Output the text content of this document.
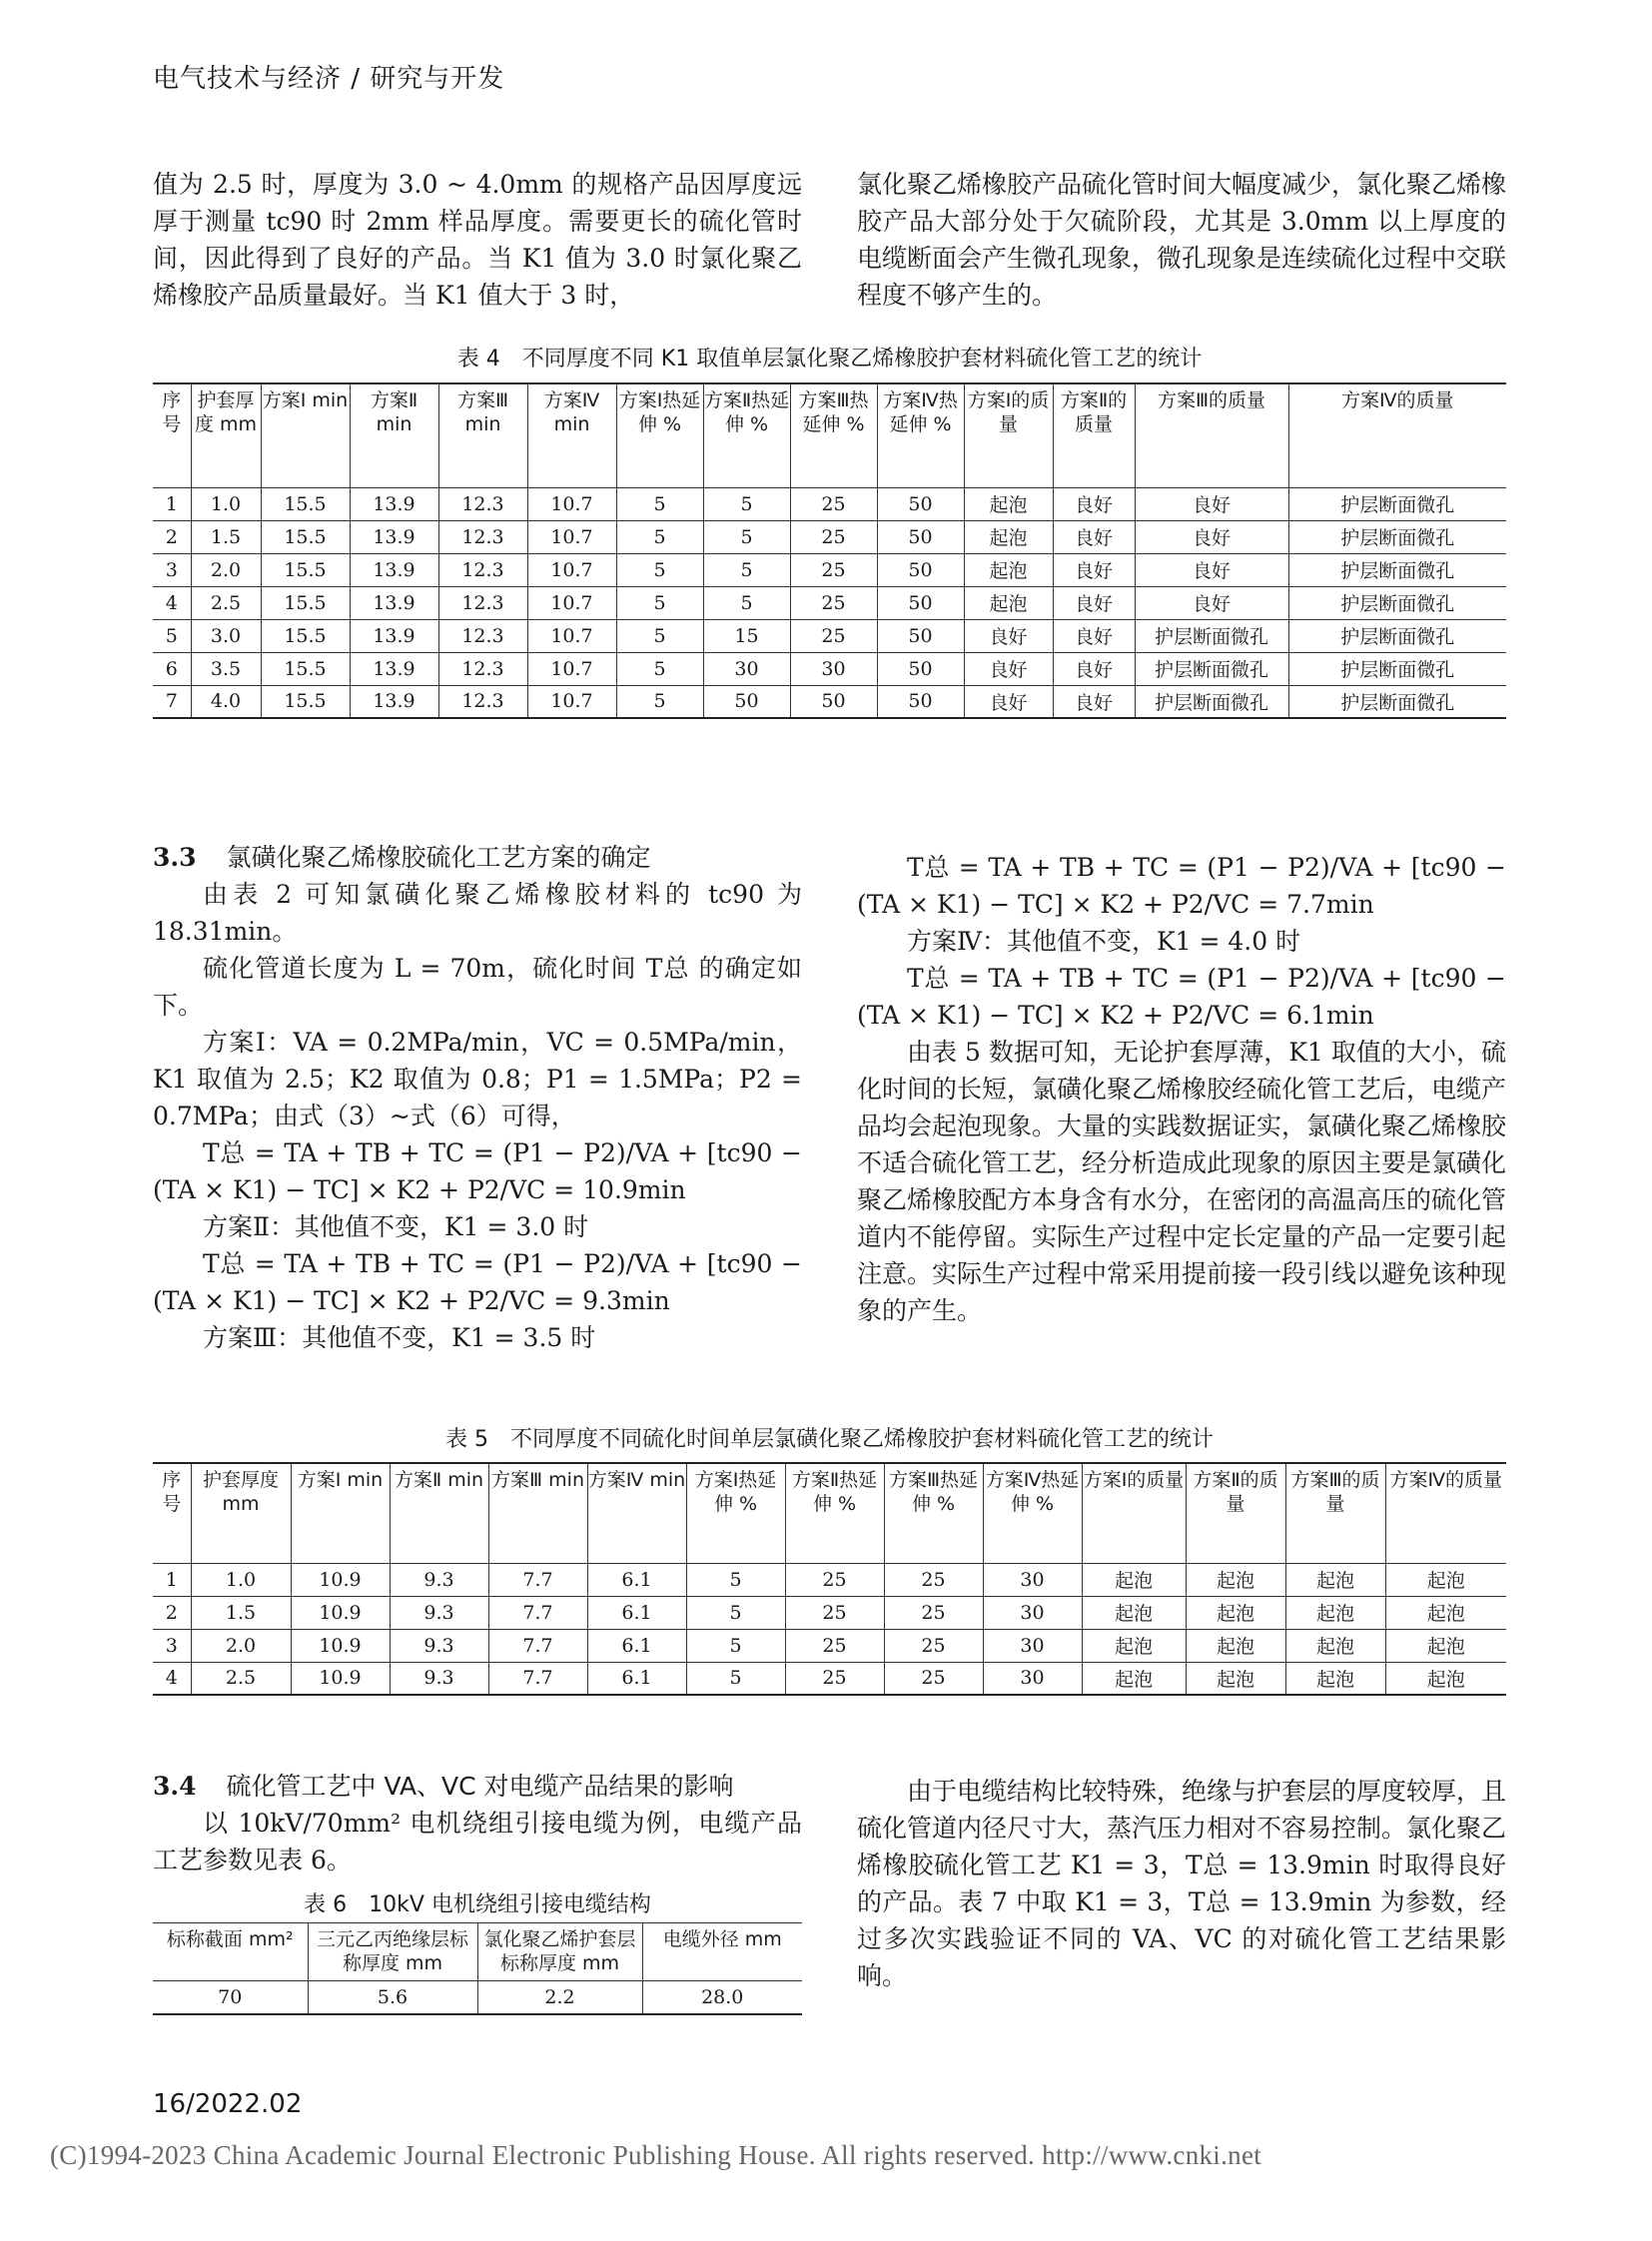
电气技术与经济 / 研究与开发

值为 2.5 时，厚度为 3.0 ~ 4.0mm 的规格产品因厚度远厚于测量 tc90 时 2mm 样品厚度。需要更长的硫化管时间，因此得到了良好的产品。当 K1 值为 3.0 时氯化聚乙烯橡胶产品质量最好。当 K1 值大于 3 时，

氯化聚乙烯橡胶产品硫化管时间大幅度减少，氯化聚乙烯橡胶产品大部分处于欠硫阶段，尤其是 3.0mm 以上厚度的电缆断面会产生微孔现象，微孔现象是连续硫化过程中交联程度不够产生的。

表 4　不同厚度不同 K1 取值单层氯化聚乙烯橡胶护套材料硫化管工艺的统计
序号	护套厚度 mm	方案Ⅰ min	方案Ⅱ min	方案Ⅲ min	方案Ⅳ min	方案Ⅰ热延伸 %	方案Ⅱ热延伸 %	方案Ⅲ热延伸 %	方案Ⅳ热延伸 %	方案Ⅰ的质量	方案Ⅱ的质量	方案Ⅲ的质量	方案Ⅳ的质量
1	1.0	15.5	13.9	12.3	10.7	5	5	25	50	起泡	良好	良好	护层断面微孔
2	1.5	15.5	13.9	12.3	10.7	5	5	25	50	起泡	良好	良好	护层断面微孔
3	2.0	15.5	13.9	12.3	10.7	5	5	25	50	起泡	良好	良好	护层断面微孔
4	2.5	15.5	13.9	12.3	10.7	5	5	25	50	起泡	良好	良好	护层断面微孔
5	3.0	15.5	13.9	12.3	10.7	5	15	25	50	良好	良好	护层断面微孔	护层断面微孔
6	3.5	15.5	13.9	12.3	10.7	5	30	30	50	良好	良好	护层断面微孔	护层断面微孔
7	4.0	15.5	13.9	12.3	10.7	5	50	50	50	良好	良好	护层断面微孔	护层断面微孔

3.3 氯磺化聚乙烯橡胶硫化工艺方案的确定

由表 2 可知氯磺化聚乙烯橡胶材料的 tc90 为 18.31min。

硫化管道长度为 L = 70m，硫化时间 T总 的确定如下。

方案Ⅰ：VA = 0.2MPa/min，VC = 0.5MPa/min，K1 取值为 2.5；K2 取值为 0.8；P1 = 1.5MPa；P2 = 0.7MPa；由式（3）~式（6）可得，

T总 = TA + TB + TC = (P1 − P2)/VA + [tc90 − (TA × K1) − TC] × K2 + P2/VC = 10.9min

方案Ⅱ：其他值不变，K1 = 3.0 时

T总 = TA + TB + TC = (P1 − P2)/VA + [tc90 − (TA × K1) − TC] × K2 + P2/VC = 9.3min

方案Ⅲ：其他值不变，K1 = 3.5 时

T总 = TA + TB + TC = (P1 − P2)/VA + [tc90 − (TA × K1) − TC] × K2 + P2/VC = 7.7min

方案Ⅳ：其他值不变，K1 = 4.0 时

T总 = TA + TB + TC = (P1 − P2)/VA + [tc90 − (TA × K1) − TC] × K2 + P2/VC = 6.1min

由表 5 数据可知，无论护套厚薄，K1 取值的大小，硫化时间的长短，氯磺化聚乙烯橡胶经硫化管工艺后，电缆产品均会起泡现象。大量的实践数据证实，氯磺化聚乙烯橡胶不适合硫化管工艺，经分析造成此现象的原因主要是氯磺化聚乙烯橡胶配方本身含有水分，在密闭的高温高压的硫化管道内不能停留。实际生产过程中定长定量的产品一定要引起注意。实际生产过程中常采用提前接一段引线以避免该种现象的产生。

表 5　不同厚度不同硫化时间单层氯磺化聚乙烯橡胶护套材料硫化管工艺的统计
序号	护套厚度 mm	方案Ⅰ min	方案Ⅱ min	方案Ⅲ min	方案Ⅳ min	方案Ⅰ热延伸 %	方案Ⅱ热延伸 %	方案Ⅲ热延伸 %	方案Ⅳ热延伸 %	方案Ⅰ的质量	方案Ⅱ的质量	方案Ⅲ的质量	方案Ⅳ的质量
1	1.0	10.9	9.3	7.7	6.1	5	25	25	30	起泡	起泡	起泡	起泡
2	1.5	10.9	9.3	7.7	6.1	5	25	25	30	起泡	起泡	起泡	起泡
3	2.0	10.9	9.3	7.7	6.1	5	25	25	30	起泡	起泡	起泡	起泡
4	2.5	10.9	9.3	7.7	6.1	5	25	25	30	起泡	起泡	起泡	起泡

3.4 硫化管工艺中 VA、VC 对电缆产品结果的影响

以 10kV/70mm² 电机绕组引接电缆为例，电缆产品工艺参数见表 6。

由于电缆结构比较特殊，绝缘与护套层的厚度较厚，且硫化管道内径尺寸大，蒸汽压力相对不容易控制。氯化聚乙烯橡胶硫化管工艺 K1 = 3，T总 = 13.9min 时取得良好的产品。表 7 中取 K1 = 3，T总 = 13.9min 为参数，经过多次实践验证不同的 VA、VC 的对硫化管工艺结果影响。

表 6　10kV 电机绕组引接电缆结构
标称截面 mm²	三元乙丙绝缘层标称厚度 mm	氯化聚乙烯护套层标称厚度 mm	电缆外径 mm
70	5.6	2.2	28.0
16/2022.02
(C)1994-2023 China Academic Journal Electronic Publishing House. All rights reserved. http://www.cnki.net
